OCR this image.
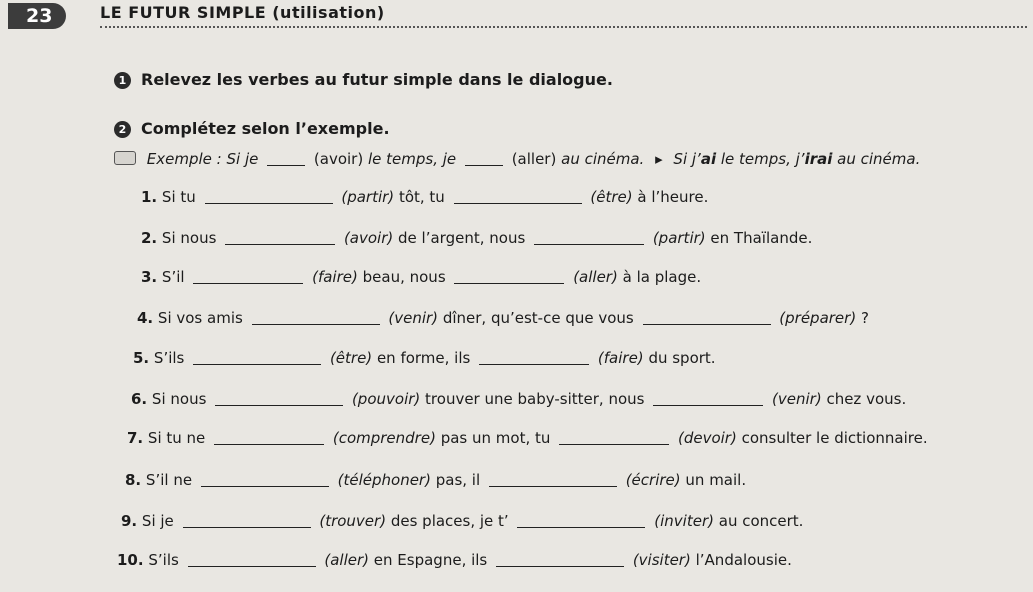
23	LE FUTUR SIMPLE (utilisation)
1 Relevez les verbes au futur simple dans le dialogue.
2 Complétez selon l’exemple.
Exemple : Si je	(avoir) le temps, je	(aller) au cinéma. ▸ Si j’ai le temps, j’irai au cinéma.
1. Si tu	(partir) tôt, tu	(être) à l’heure.
2. Si nous	(avoir) de l’argent, nous	(partir) en Thaïlande.
3. S’il	(faire) beau, nous	(aller) à la plage.
4. Si vos amis	(venir) dîner, qu’est-ce que vous	(préparer) ?
5. S’ils	(être) en forme, ils	(faire) du sport.
6. Si nous	(pouvoir) trouver une baby-sitter, nous	(venir) chez vous.
7. Si tu ne	(comprendre) pas un mot, tu	(devoir) consulter le dictionnaire.
8. S’il ne	(téléphoner) pas, il	(écrire) un mail.
9. Si je	(trouver) des places, je t’	(inviter) au concert.
10. S’ils	(aller) en Espagne, ils	(visiter) l’Andalousie.
